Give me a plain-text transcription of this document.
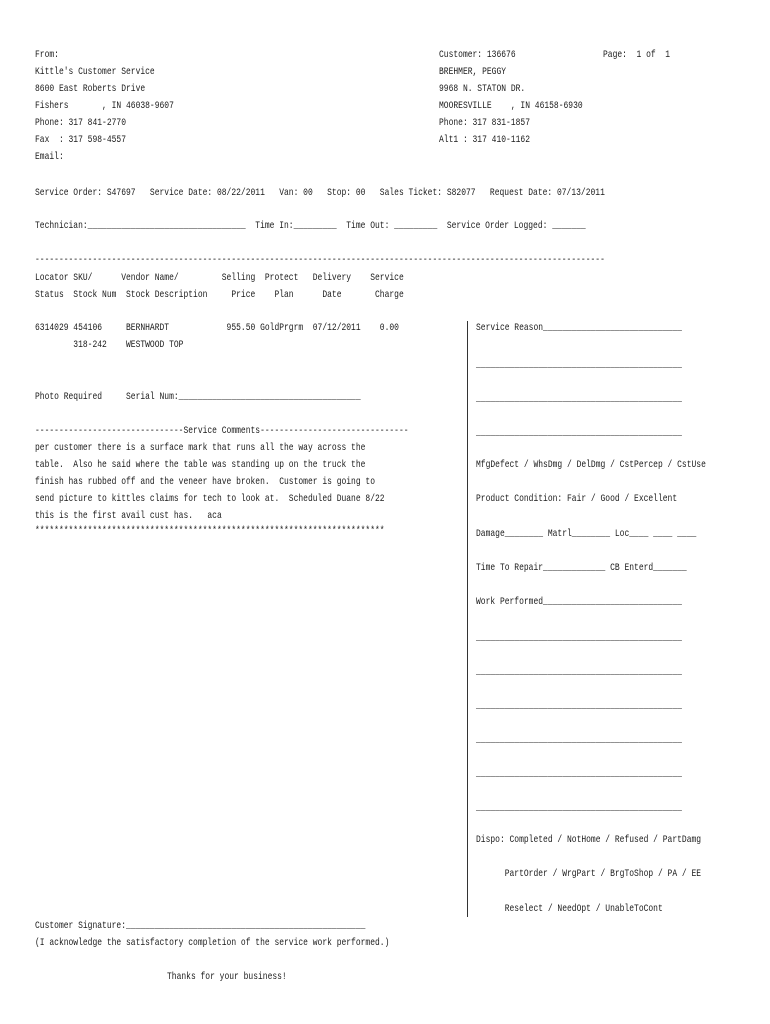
From:
Kittle's Customer Service
8600 East Roberts Drive
Fishers       , IN 46038-9607
Phone: 317 841-2770
Fax  : 317 598-4557
Email:
Customer: 136676	Page:  1 of  1
BREHMER, PEGGY
9968 N. STATON DR.
MOORESVILLE    , IN 46158-6930
Phone: 317 831-1857
Alt1 : 317 410-1162
Service Order: S47697   Service Date: 08/22/2011   Van: 00   Stop: 00   Sales Ticket: S82077   Request Date: 07/13/2011
Technician:_________________________________  Time In:_________  Time Out: _________  Service Order Logged: _______
-----------------------------------------------------------------------------------------------------------------------
Locator SKU/      Vendor Name/         Selling  Protect   Delivery    Service
Status  Stock Num  Stock Description     Price    Plan      Date       Charge
6314029 454106     BERNHARDT            955.50 GoldPrgrm  07/12/2011    0.00
318-242    WESTWOOD TOP
Photo Required     Serial Num:______________________________________
-------------------------------Service Comments-------------------------------
per customer there is a surface mark that runs all the way across the
table.  Also he said where the table was standing up on the truck the
finish has rubbed off and the veneer have broken.  Customer is going to
send picture to kittles claims for tech to look at.  Scheduled Duane 8/22
this is the first avail cust has.   aca
*************************************************************************
Service Reason_____________________________
___________________________________________
___________________________________________
___________________________________________
MfgDefect / WhsDmg / DelDmg / CstPercep / CstUse
Product Condition: Fair / Good / Excellent
Damage________ Matrl________ Loc____ ____ ____
Time To Repair_____________ CB Enterd_______
Work Performed_____________________________
___________________________________________
___________________________________________
___________________________________________
___________________________________________
___________________________________________
___________________________________________
Dispo: Completed / NotHome / Refused / PartDamg
PartOrder / WrgPart / BrgToShop / PA / EE
Reselect / NeedOpt / UnableToCont
Customer Signature:__________________________________________________
(I acknowledge the satisfactory completion of the service work performed.)
Thanks for your business!
